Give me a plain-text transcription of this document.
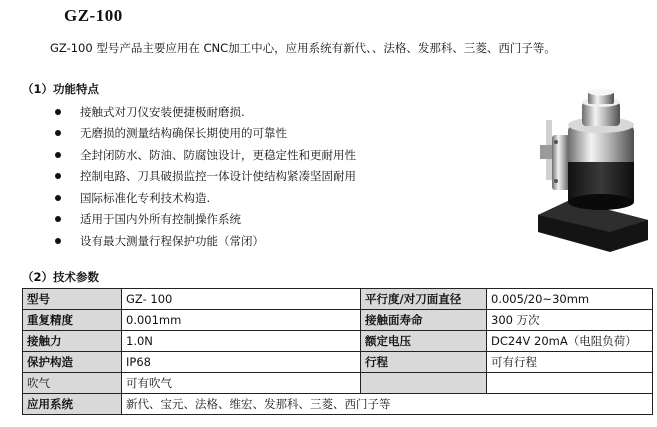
GZ-100
GZ-100 型号产品主要应用在 CNC加工中心，应用系统有新代、、法格、发那科、三菱、西门子等。
（1）功能特点
接触式对刀仪安装便捷极耐磨损.
无磨损的测量结构确保长期使用的可靠性
全封闭防水、防油、防腐蚀设计，更稳定性和更耐用性
控制电路、刀具破损监控一体设计使结构紧凑坚固耐用
国际标准化专利技术构造.
适用于国内外所有控制操作系统
设有最大测量行程保护功能（常闭）
（2）技术参数
型号	GZ- 100	平行度/对刀面直径	0.005/20~30mm
重复精度	0.001mm	接触面寿命	300 万次
接触力	1.0N	额定电压	DC24V 20mA（电阻负荷）
保护构造	IP68	行程	可有行程
吹气	可有吹气		
应用系统	新代、宝元、法格、维宏、发那科、三菱、西门子等		
